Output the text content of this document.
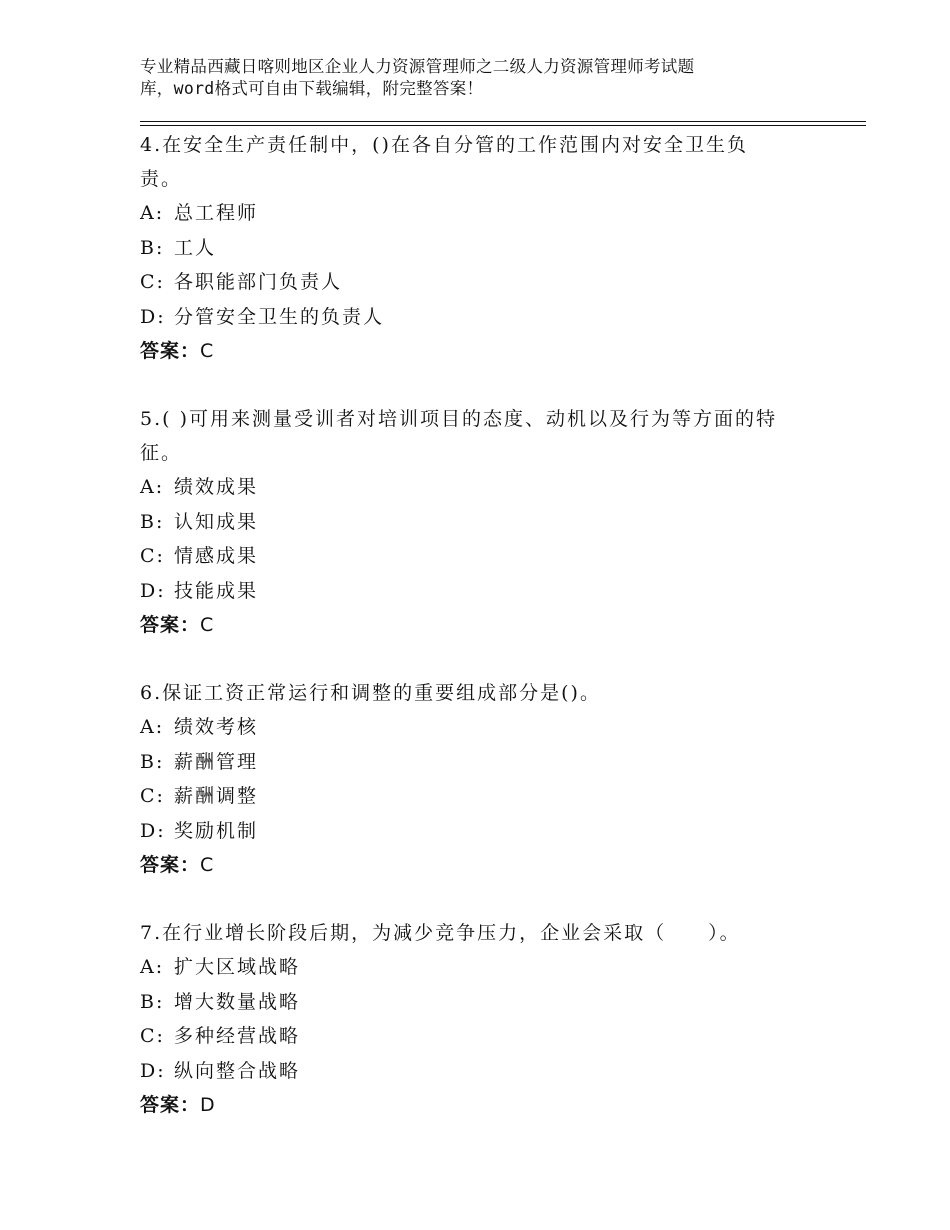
专业精品西藏日喀则地区企业人力资源管理师之二级人力资源管理师考试题
库，word格式可自由下载编辑，附完整答案！
4.在安全生产责任制中，()在各自分管的工作范围内对安全卫生负
责。
A: 总工程师
B: 工人
C: 各职能部门负责人
D: 分管安全卫生的负责人
答案：C
5.( )可用来测量受训者对培训项目的态度、动机以及行为等方面的特
征。
A: 绩效成果
B: 认知成果
C: 情感成果
D: 技能成果
答案：C
6.保证工资正常运行和调整的重要组成部分是()。
A: 绩效考核
B: 薪酬管理
C: 薪酬调整
D: 奖励机制
答案：C
7.在行业增长阶段后期，为减少竞争压力，企业会采取（　　）。
A: 扩大区域战略
B: 增大数量战略
C: 多种经营战略
D: 纵向整合战略
答案：D
